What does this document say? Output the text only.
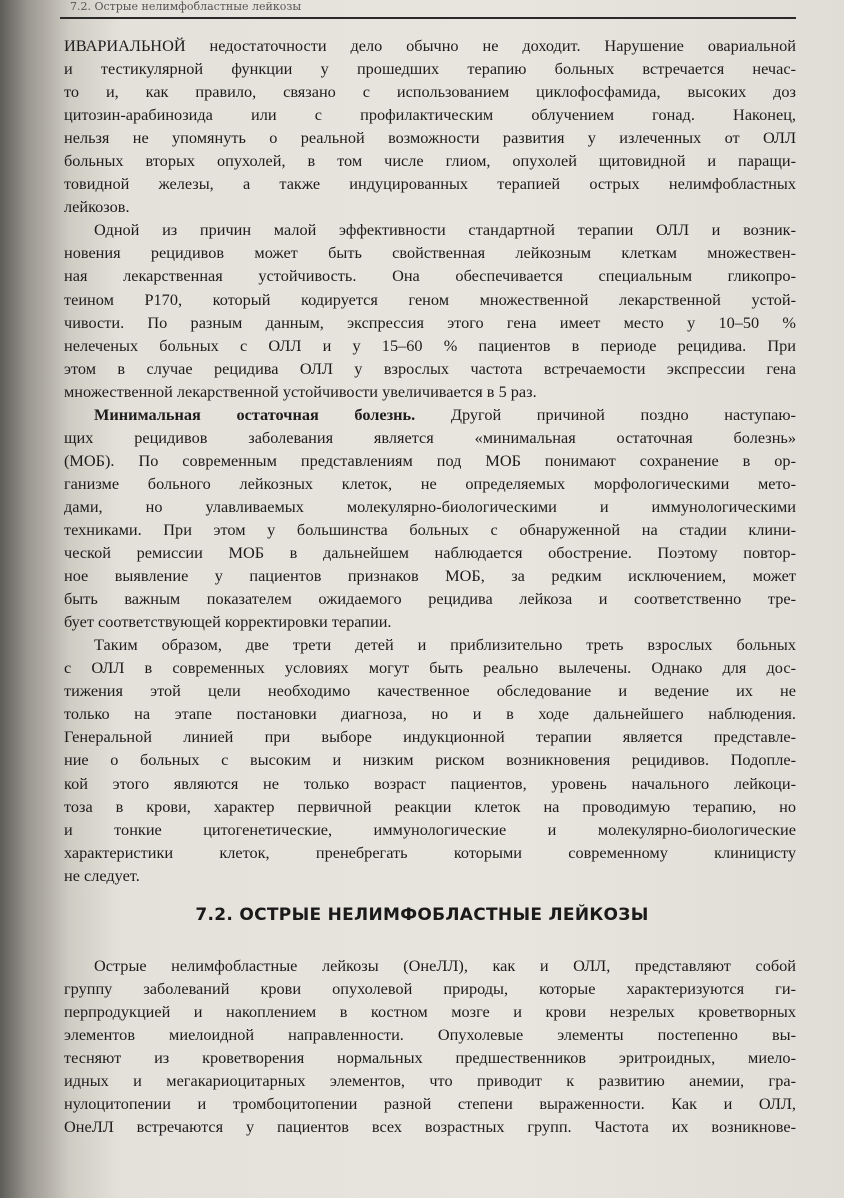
7.2. Острые нелимфобластные лейкозы

ИВАРИАЛЬНОЙ недостаточности дело обычно не доходит. Нарушение овариальной

и тестикулярной функции у прошедших терапию больных встречается нечас-

то и, как правило, связано с использованием циклофосфамида, высоких доз

цитозин-арабинозида или с профилактическим облучением гонад. Наконец,

нельзя не упомянуть о реальной возможности развития у излеченных от ОЛЛ

больных вторых опухолей, в том числе глиом, опухолей щитовидной и паращи-

товидной железы, а также индуцированных терапией острых нелимфобластных

лейкозов.

Одной из причин малой эффективности стандартной терапии ОЛЛ и возник-

новения рецидивов может быть свойственная лейкозным клеткам множествен-

ная лекарственная устойчивость. Она обеспечивается специальным гликопро-

теином P170, который кодируется геном множественной лекарственной устой-

чивости. По разным данным, экспрессия этого гена имеет место у 10–50 %

нелеченых больных с ОЛЛ и у 15–60 % пациентов в периоде рецидива. При

этом в случае рецидива ОЛЛ у взрослых частота встречаемости экспрессии гена

множественной лекарственной устойчивости увеличивается в 5 раз.

Минимальная остаточная болезнь. Другой причиной поздно наступаю-

щих рецидивов заболевания является «минимальная остаточная болезнь»

(МОБ). По современным представлениям под МОБ понимают сохранение в ор-

ганизме больного лейкозных клеток, не определяемых морфологическими мето-

дами, но улавливаемых молекулярно-биологическими и иммунологическими

техниками. При этом у большинства больных с обнаруженной на стадии клини-

ческой ремиссии МОБ в дальнейшем наблюдается обострение. Поэтому повтор-

ное выявление у пациентов признаков МОБ, за редким исключением, может

быть важным показателем ожидаемого рецидива лейкоза и соответственно тре-

бует соответствующей корректировки терапии.

Таким образом, две трети детей и приблизительно треть взрослых больных

с ОЛЛ в современных условиях могут быть реально вылечены. Однако для дос-

тижения этой цели необходимо качественное обследование и ведение их не

только на этапе постановки диагноза, но и в ходе дальнейшего наблюдения.

Генеральной линией при выборе индукционной терапии является представле-

ние о больных с высоким и низким риском возникновения рецидивов. Подопле-

кой этого являются не только возраст пациентов, уровень начального лейкоци-

тоза в крови, характер первичной реакции клеток на проводимую терапию, но

и тонкие цитогенетические, иммунологические и молекулярно-биологические

характеристики клеток, пренебрегать которыми современному клиницисту

не следует.

7.2. ОСТРЫЕ НЕЛИМФОБЛАСТНЫЕ ЛЕЙКОЗЫ

Острые нелимфобластные лейкозы (ОнеЛЛ), как и ОЛЛ, представляют собой

группу заболеваний крови опухолевой природы, которые характеризуются ги-

перпродукцией и накоплением в костном мозге и крови незрелых кроветворных

элементов миелоидной направленности. Опухолевые элементы постепенно вы-

тесняют из кроветворения нормальных предшественников эритроидных, миело-

идных и мегакариоцитарных элементов, что приводит к развитию анемии, гра-

нулоцитопении и тромбоцитопении разной степени выраженности. Как и ОЛЛ,

ОнеЛЛ встречаются у пациентов всех возрастных групп. Частота их возникнове-
